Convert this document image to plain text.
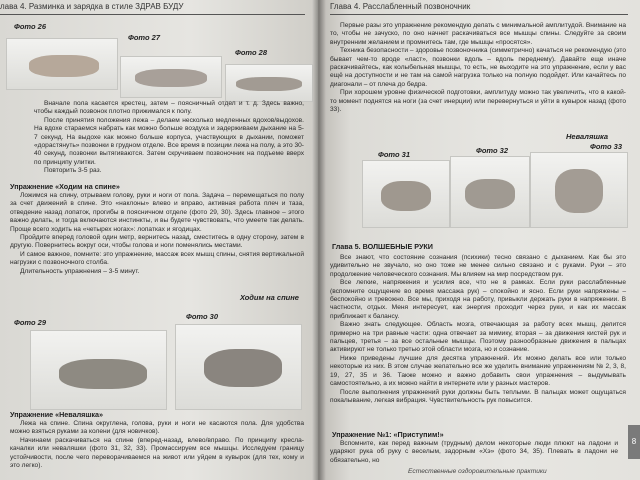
лава 4. Разминка и зарядка в стиле ЗДРАВ БУДУ
Фото 26
Фото 27
Фото 28

Вначале пола касается крестец, затем – поясничный отдел и т. д. Здесь важно, чтобы каждый позвонок плотно прижимался к полу.

После принятия положения лежа – делаем несколько медленных вдохов/выдохов. На вдохе стараемся набрать как можно больше воздуха и задерживаем дыхание на 5-7 секунд. На выдохе как можно больше корпуса, участвующих в дыхании, поможет «дорастянуть» позвонки в грудном отделе. Все время в позиции лежа на полу, а это 30-40 секунд, позвонки вытягиваются. Затем скручиваем позвоночник на подъеме вверх по принципу улитки.

Повторить 3-5 раз.

Упражнение «Ходим на спине»

Ложимся на спину, отрываем голову, руки и ноги от пола. Задача – перемещаться по полу за счет движений в спине. Это «наклоны» влево и вправо, активная работа плеч и таза, отведение назад лопаток, прогибы в поясничном отделе (фото 29, 30). Здесь главное – этого важно делать, и тогда включаются инстинкты, и вы будете чувствовать, что умеете так делать. Проще всего ходить на «четырех ногах»: лопатках и ягодицах.

Пройдите вперед головой один метр, вернитесь назад, сместитесь в одну сторону, затем в другую. Повернитесь вокруг оси, чтобы голова и ноги поменялись местами.

И самое важное, помните: это упражнение, массаж всех мышц спины, снятия вертикальной нагрузки с позвоночного столба.

Длительность упражнения – 3-5 минут.

Ходим на спине
Фото 29
Фото 30
Упражнение «Неваляшка»

Лежа на спине. Спина округлена, голова, руки и ноги не касаются пола. Для удобства можно взяться руками за колени (для новичков).

Начинаем раскачиваться на спине (вперед-назад, влево/вправо. По принципу кресла-качалки или неваляшки (фото 31, 32, 33). Промассируем все мышцы. Исследуем границу устойчивости, после чего переворачиваемся на живот или уйдем в кувырок (для тех, кому и это легко).

Глава 4. Расслабленный позвоночник

Первые разы это упражнение рекомендую делать с минимальной амплитудой. Внимание на то, чтобы не зачуско, по оно начнет раскачиваться все мышцы спины. Следуйте за своим внутренним желанием и промнитесь там, где мышцы «просятся».

Техника безопасности – здоровье позвоночника (симметрично) качаться не рекомендую (это бывает чем-то вроде «ласт», позвонки вдоль – вдоль переднему). Давайте еще иначе раскачивайтесь, как колыбельная мышцы, то есть, не выходите на это упражнение, если у вас ещё на доступности и не там на самой нагрузка только на полную подойдет. Или качайтесь по диагонали – от плеча до бедра.

При хорошем уровне физической подготовки, амплитуду можно так увеличить, что в какой-то момент поднятся на ноги (за счет инерции) или перевернуться и уйти в кувырок назад (фото 33).

Неваляшка
Фото 31	Фото 32	Фото 33
Глава 5. ВОЛШЕБНЫЕ РУКИ

Все знают, что состояние сознания (психики) тесно связано с дыханием. Как бы это удивительно не звучало, но оно тоже не менее сильно связано и с руками. Руки – это продолжение человеческого сознания. Мы влияем на мир посредством рук.

Все легкие, напряжения и усилия все, что не в рамках. Если руки расслабленные (вспомните ощущение во время массажа рук) – спокойно и ясно. Если руки напряжены – беспокойно и тревожно. Все мы, приходя на работу, привыкли держать руки в напряжении. В частности, отдых. Меня интересует, как энергия проходит через руки, и как их массаж приближает к балансу.

Важно знать следующее. Область мозга, отвечающая за работу всех мышц, делится примерно на три равные части: одна отвечает за мимику, вторая – за движения кистей рук и пальцев, третья – за все остальные мышцы. Поэтому разнообразные движения в пальцах активируют не только третью этой области мозга, но и сознание.

Ниже приведены лучшие для десятка упражнений. Их можно делать все или только некоторые из них. В этом случае желательно все же уделить внимание упражнениям № 2, 3, 8, 19, 27, 35 и 36. Также можно и важно добавить свои упражнения – выдумывать самостоятельно, а их можно найти в интернете или у разных мастеров.

После выполнения упражнений руки должны быть теплыми. В пальцах может ощущаться покалывание, легкая вибрация. Чувствительность рук повысится.

Упражнение №1: «Приступим!»

Вспомните, как перед важным (трудным) делом некоторые люди плюют на ладони и ударяют рука об руку с веселым, задорным «Хэ» (фото 34, 35). Плевать в ладони не обязательно, но

Естественные оздоровительные практики
8
